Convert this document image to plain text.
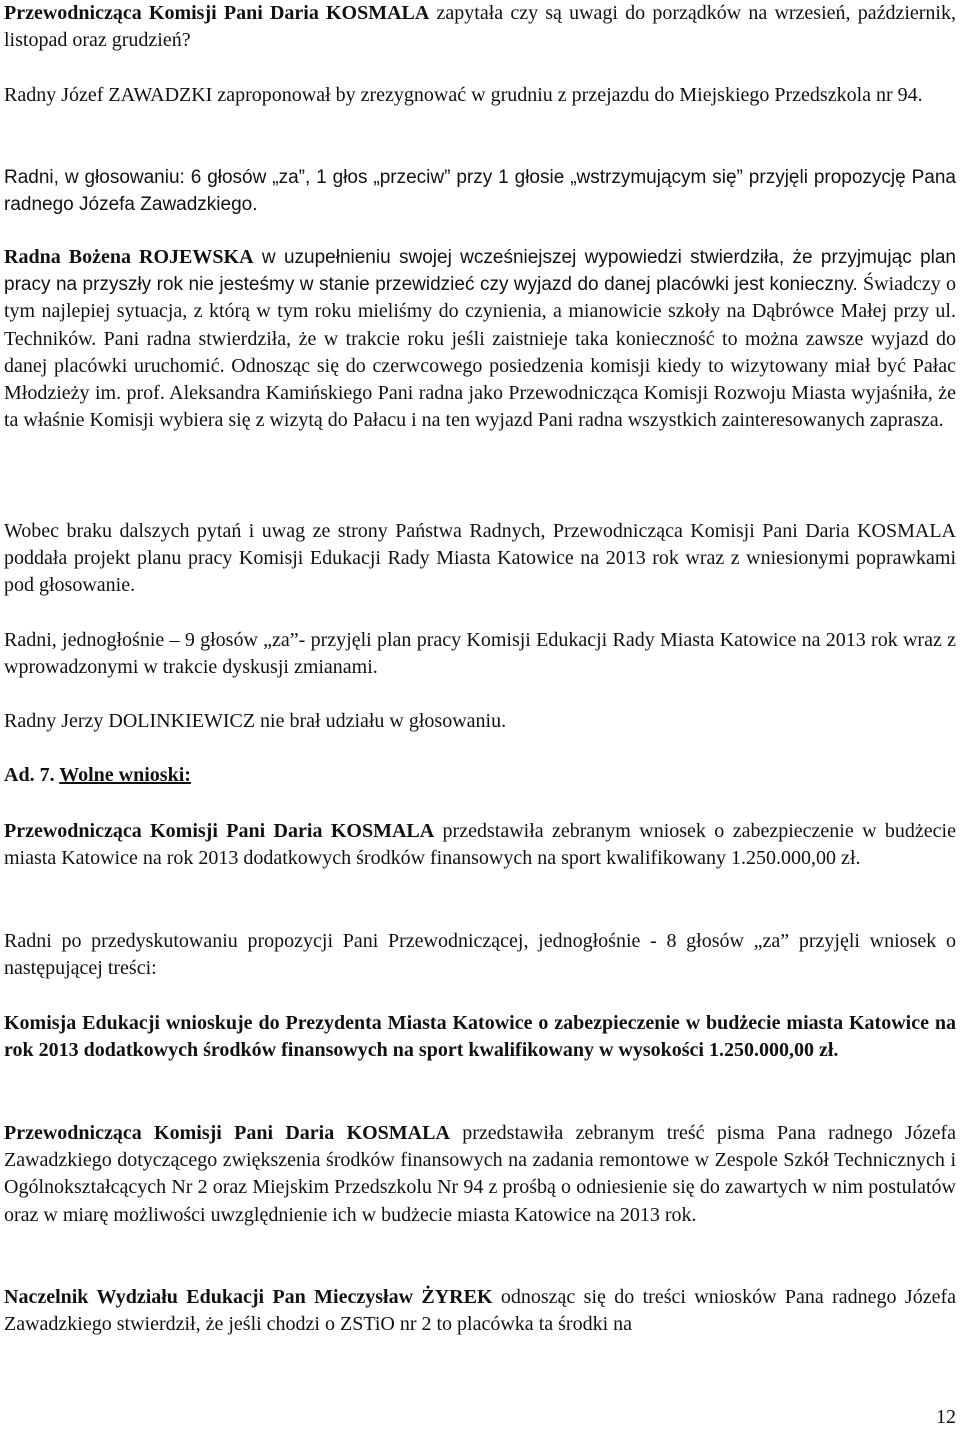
Przewodnicząca Komisji Pani Daria KOSMALA zapytała czy są uwagi do porządków na wrzesień, październik, listopad oraz grudzień?

Radny Józef ZAWADZKI zaproponował by zrezygnować w grudniu z przejazdu do Miejskiego Przedszkola nr 94.

Radni, w głosowaniu: 6 głosów „za”, 1 głos „przeciw” przy 1 głosie „wstrzymującym się” przyjęli propozycję Pana radnego Józefa Zawadzkiego.

Radna Bożena ROJEWSKA w uzupełnieniu swojej wcześniejszej wypowiedzi stwierdziła, że przyjmując plan pracy na przyszły rok nie jesteśmy w stanie przewidzieć czy wyjazd do danej placówki jest konieczny. Świadczy o tym najlepiej sytuacja, z którą w tym roku mieliśmy do czynienia, a mianowicie szkoły na Dąbrówce Małej przy ul. Techników. Pani radna stwierdziła, że w trakcie roku jeśli zaistnieje taka konieczność to można zawsze wyjazd do danej placówki uruchomić. Odnosząc się do czerwcowego posiedzenia komisji kiedy to wizytowany miał być Pałac Młodzieży im. prof. Aleksandra Kamińskiego Pani radna jako Przewodnicząca Komisji Rozwoju Miasta wyjaśniła, że ta właśnie Komisji wybiera się z wizytą do Pałacu i na ten wyjazd Pani radna wszystkich zainteresowanych zaprasza.

Wobec braku dalszych pytań i uwag ze strony Państwa Radnych, Przewodnicząca Komisji Pani Daria KOSMALA poddała projekt planu pracy Komisji Edukacji Rady Miasta Katowice na 2013 rok wraz z wniesionymi poprawkami pod głosowanie.

Radni, jednogłośnie – 9 głosów „za”- przyjęli plan pracy Komisji Edukacji Rady Miasta Katowice na 2013 rok wraz z wprowadzonymi w trakcie dyskusji zmianami.

Radny Jerzy DOLINKIEWICZ nie brał udziału w głosowaniu.

Ad. 7. Wolne wnioski:

Przewodnicząca Komisji Pani Daria KOSMALA przedstawiła zebranym wniosek o zabezpieczenie w budżecie miasta Katowice na rok 2013 dodatkowych środków finansowych na sport kwalifikowany 1.250.000,00 zł.

Radni po przedyskutowaniu propozycji Pani Przewodniczącej, jednogłośnie - 8 głosów „za” przyjęli wniosek o następującej treści:

Komisja Edukacji wnioskuje do Prezydenta Miasta Katowice o zabezpieczenie w budżecie miasta Katowice na rok 2013 dodatkowych środków finansowych na sport kwalifikowany w wysokości 1.250.000,00 zł.

Przewodnicząca Komisji Pani Daria KOSMALA przedstawiła zebranym treść pisma Pana radnego Józefa Zawadzkiego dotyczącego zwiększenia środków finansowych na zadania remontowe w Zespole Szkół Technicznych i Ogólnokształcących Nr 2 oraz Miejskim Przedszkolu Nr 94 z prośbą o odniesienie się do zawartych w nim postulatów oraz w miarę możliwości uwzględnienie ich w budżecie miasta Katowice na 2013 rok.

Naczelnik Wydziału Edukacji Pan Mieczysław ŻYREK odnosząc się do treści wniosków Pana radnego Józefa Zawadzkiego stwierdził, że jeśli chodzi o ZSTiO nr 2 to placówka ta środki na

12
